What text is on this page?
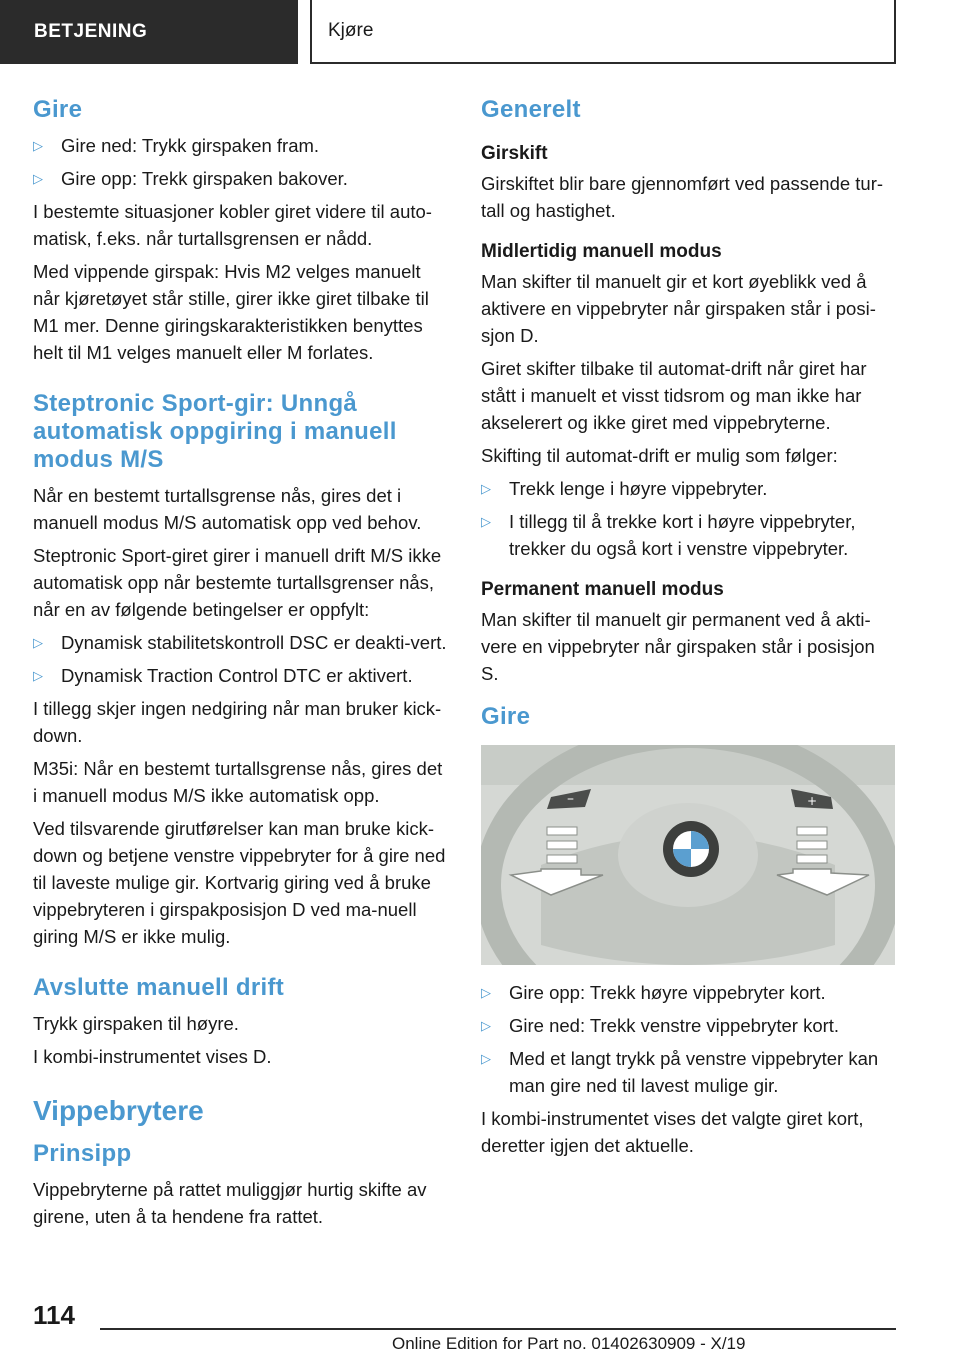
BETJENING	Kjøre
Gire
▷ Gire ned: Trykk girspaken fram.
▷ Gire opp: Trekk girspaken bakover.

I bestemte situasjoner kobler giret videre til auto‐matisk, f.eks. når turtallsgrensen er nådd.

Med vippende girspak: Hvis M2 velges manuelt når kjøretøyet står stille, girer ikke giret tilbake til M1 mer. Denne giringskarakteristikken benyttes helt til M1 velges manuelt eller M forlates.

Steptronic Sport-gir: Unngå automatisk oppgiring i manuell modus M/S

Når en bestemt turtallsgrense nås, gires det i manuell modus M/S automatisk opp ved behov.

Steptronic Sport-giret girer i manuell drift M/S ikke automatisk opp når bestemte turtallsgrenser nås, når en av følgende betingelser er oppfylt:

▷ Dynamisk stabilitetskontroll DSC er deakti‐vert.
▷ Dynamisk Traction Control DTC er aktivert.

I tillegg skjer ingen nedgiring når man bruker kick-down.

M35i: Når en bestemt turtallsgrense nås, gires det i manuell modus M/S ikke automatisk opp.

Ved tilsvarende girutførelser kan man bruke kick-down og betjene venstre vippebryter for å gire ned til laveste mulige gir. Kortvarig giring ved å bruke vippebryteren i girspakposisjon D ved ma‐nuell giring M/S er ikke mulig.

Avslutte manuell drift

Trykk girspaken til høyre.

I kombi-instrumentet vises D.

Vippebrytere
Prinsipp

Vippebryterne på rattet muliggjør hurtig skifte av girene, uten å ta hendene fra rattet.

Generelt
Girskift

Girskiftet blir bare gjennomført ved passende tur‐tall og hastighet.

Midlertidig manuell modus

Man skifter til manuelt gir et kort øyeblikk ved å aktivere en vippebryter når girspaken står i posi‐sjon D.

Giret skifter tilbake til automat-drift når giret har stått i manuelt et visst tidsrom og man ikke har akselerert og ikke giret med vippebryterne.

Skifting til automat-drift er mulig som følger:

▷ Trekk lenge i høyre vippebryter.
▷ I tillegg til å trekke kort i høyre vippebryter, trekker du også kort i venstre vippebryter.
Permanent manuell modus

Man skifter til manuelt gir permanent ved å akti‐vere en vippebryter når girspaken står i posisjon S.

Gire
–	+
▷ Gire opp: Trekk høyre vippebryter kort.
▷ Gire ned: Trekk venstre vippebryter kort.
▷ Med et langt trykk på venstre vippebryter kan man gire ned til lavest mulige gir.

I kombi-instrumentet vises det valgte giret kort, deretter igjen det aktuelle.

114
Online Edition for Part no. 01402630909 - X/19
